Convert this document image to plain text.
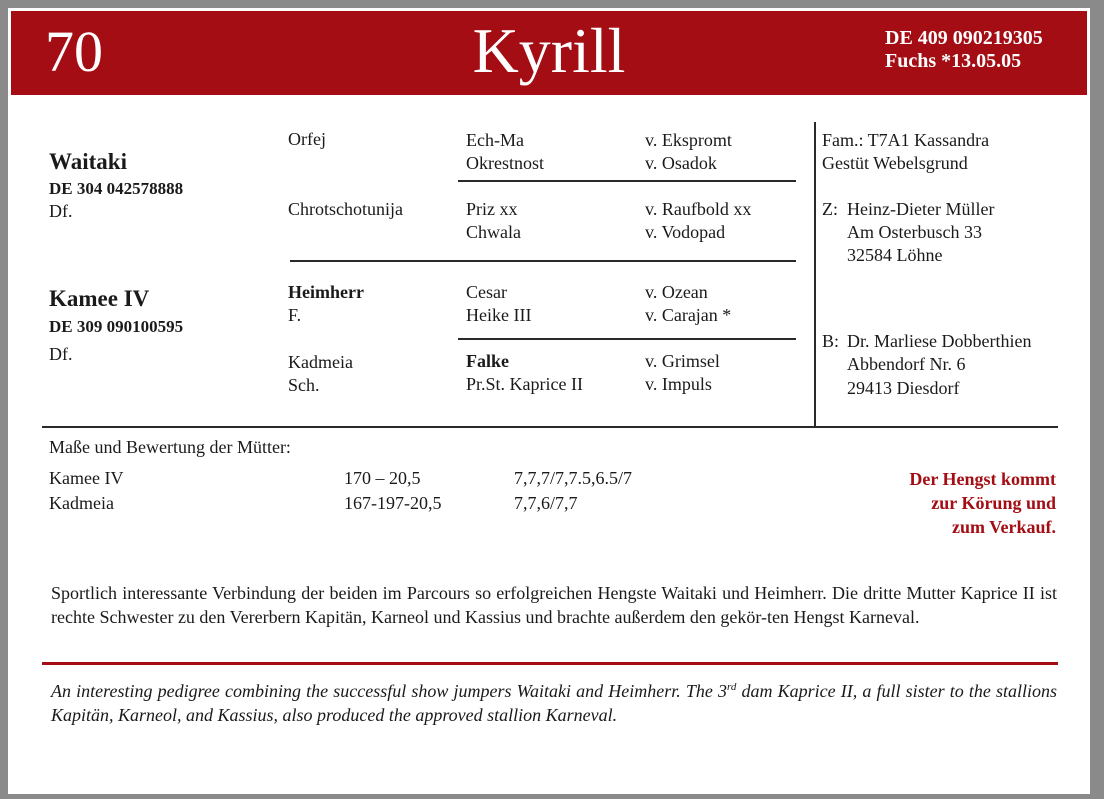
70	Kyrill	DE 409 090219305
Fuchs *13.05.05
Waitaki
DE 304 042578888
Df.
Kamee IV
DE 309 090100595
Df.
Orfej
Chrotschotunija
Heimherr
F.
Kadmeia
Sch.
Ech-Ma	v. Ekspromt
Okrestnost	v. Osadok
Priz xx	v. Raufbold xx
Chwala	v. Vodopad
Cesar	v. Ozean
Heike III	v. Carajan *
Falke	v. Grimsel
Pr.St. Kaprice II	v. Impuls
Fam.: T7A1 Kassandra
Gestüt Webelsgrund
Z: Heinz-Dieter Müller
Am Osterbusch 33
32584 Löhne
B: Dr. Marliese Dobberthien
Abbendorf Nr. 6
29413 Diesdorf
Maße und Bewertung der Mütter:
Kamee IV	170 – 20,5	7,7,7/7,7.5,6.5/7
Kadmeia	167-197-20,5	7,7,6/7,7
Der Hengst kommt
zur Körung und
zum Verkauf.
Sportlich interessante Verbindung der beiden im Parcours so erfolgreichen Hengste Waitaki und Heimherr. Die dritte Mutter Kaprice II ist rechte Schwester zu den Vererbern Kapitän, Karneol und Kassius und brachte außerdem den gekör-ten Hengst Karneval.
An interesting pedigree combining the successful show jumpers Waitaki and Heimherr. The 3rd dam Kaprice II, a full sister to the stallions Kapitän, Karneol, and Kassius, also produced the approved stallion Karneval.
